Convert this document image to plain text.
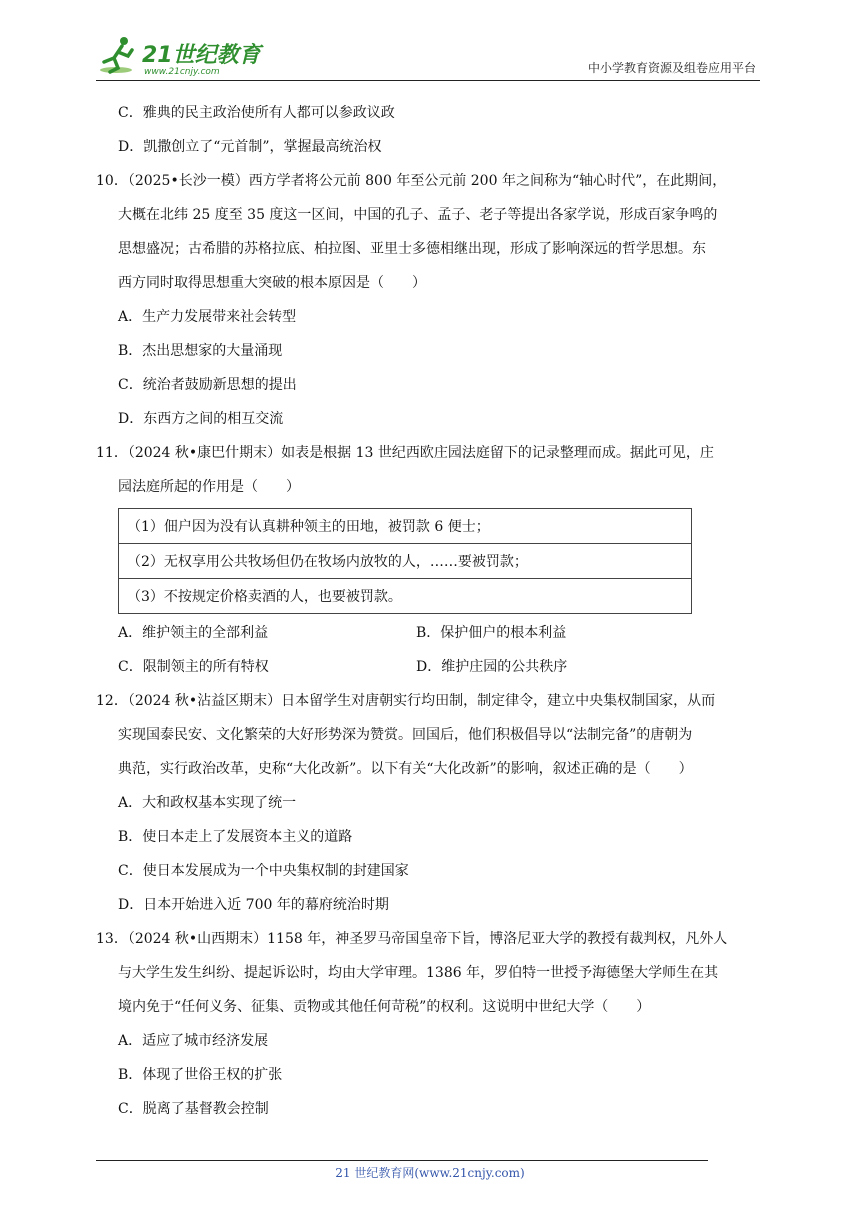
21世纪教育
www.21cnjy.com	中小学教育资源及组卷应用平台
C．雅典的民主政治使所有人都可以参政议政
D．凯撒创立了“元首制”，掌握最高统治权
10．（2025•长沙一模）西方学者将公元前 800 年至公元前 200 年之间称为“轴心时代”，在此期间，
大概在北纬 25 度至 35 度这一区间，中国的孔子、孟子、老子等提出各家学说，形成百家争鸣的
思想盛况；古希腊的苏格拉底、柏拉图、亚里士多德相继出现，形成了影响深远的哲学思想。东
西方同时取得思想重大突破的根本原因是（　　）
A．生产力发展带来社会转型
B．杰出思想家的大量涌现
C．统治者鼓励新思想的提出
D．东西方之间的相互交流
11．（2024 秋•康巴什期末）如表是根据 13 世纪西欧庄园法庭留下的记录整理而成。据此可见，庄
园法庭所起的作用是（　　）
（1）佃户因为没有认真耕种领主的田地，被罚款 6 便士；
（2）无权享用公共牧场但仍在牧场内放牧的人，……要被罚款；
（3）不按规定价格卖酒的人，也要被罚款。
A．维护领主的全部利益	B．保护佃户的根本利益
C．限制领主的所有特权	D．维护庄园的公共秩序
12．（2024 秋•沾益区期末）日本留学生对唐朝实行均田制，制定律令，建立中央集权制国家，从而
实现国泰民安、文化繁荣的大好形势深为赞赏。回国后，他们积极倡导以“法制完备”的唐朝为
典范，实行政治改革，史称“大化改新”。以下有关“大化改新”的影响，叙述正确的是（　　）
A．大和政权基本实现了统一
B．使日本走上了发展资本主义的道路
C．使日本发展成为一个中央集权制的封建国家
D．日本开始进入近 700 年的幕府统治时期
13．（2024 秋•山西期末）1158 年，神圣罗马帝国皇帝下旨，博洛尼亚大学的教授有裁判权，凡外人
与大学生发生纠纷、提起诉讼时，均由大学审理。1386 年，罗伯特一世授予海德堡大学师生在其
境内免于“任何义务、征集、贡物或其他任何苛税”的权利。这说明中世纪大学（　　）
A．适应了城市经济发展
B．体现了世俗王权的扩张
C．脱离了基督教会控制
21 世纪教育网(www.21cnjy.com)
